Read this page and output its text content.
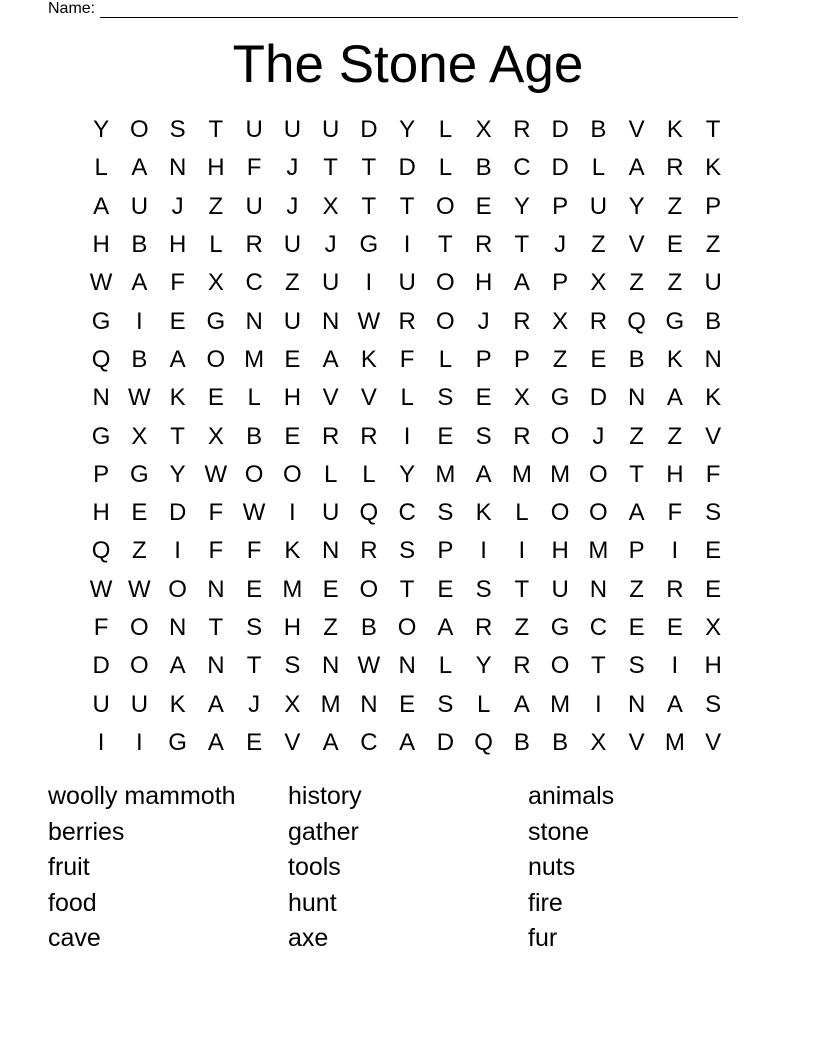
Name:
The Stone Age
Y O S T U U U D Y L X R D B V K T
L A N H F	J	T T D L B C D L A R K
A U J	Z U J	X T T O E Y P U Y Z P
H B H L R U J G	I	T R T	J	Z V E Z
W A F X C Z U	I	U O H A P X Z Z U
G	I	E G N U N W R O J R X R Q G B
Q B A O M E A K F	L P P Z E B K N
N W K E L H V V L S E X G D N A K
G X T X B E R R	I	E S R O J	Z Z V
P G Y W O O L	L Y M A M M O T H F
H E D F W I	U Q C S K L O O A F S
Q Z	I	F F K N R S P	I	I	H M P	I	E
W W O N E M E O T E S T U N Z R E
F O N T S H Z B O A R Z G C E E X
D O A N T S N W N L Y R O T S	I	H
U U K A	J	X M N E S L A M	I	N A S
I	I	G A E V A C A D Q B B X V M V
woolly mammoth	history	animals
berries	gather	stone
fruit	tools	nuts
food	hunt	fire
cave	axe	fur
